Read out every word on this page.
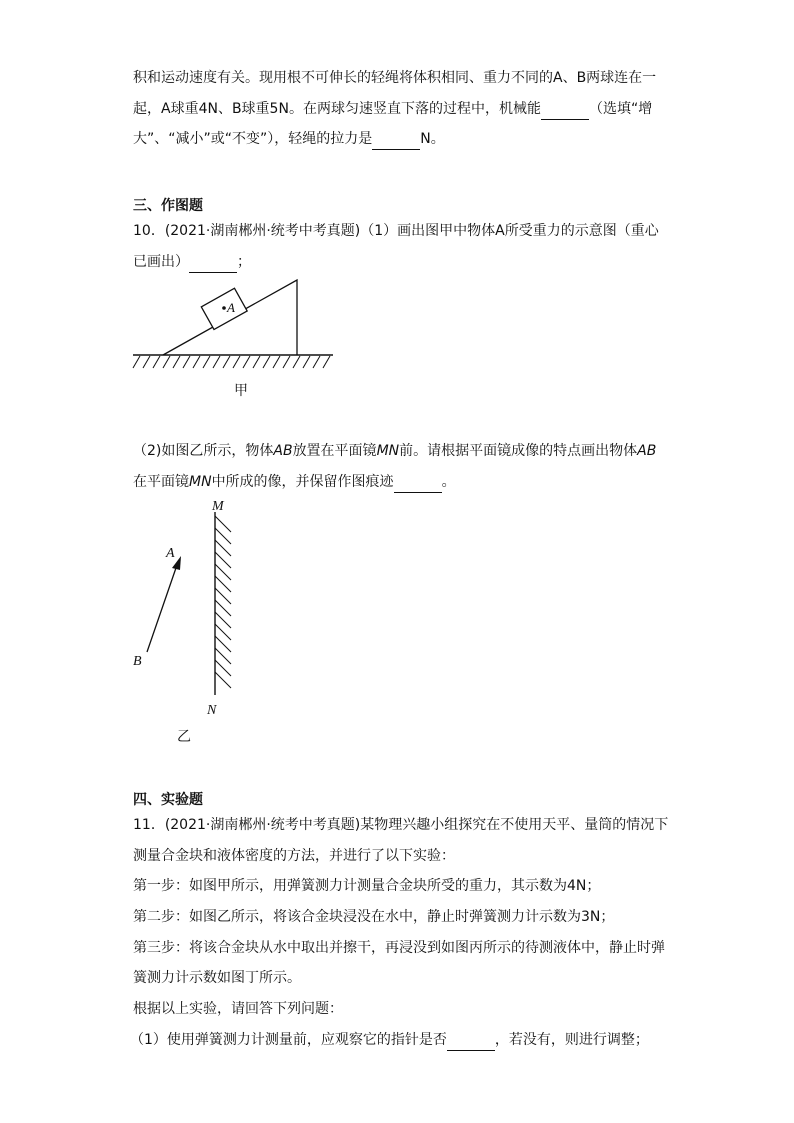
积和运动速度有关。现用根不可伸长的轻绳将体积相同、重力不同的A、B两球连在一
起，A球重4N、B球重5N。在两球匀速竖直下落的过程中，机械能	（选填“增
大”、“减小”或“不变”），轻绳的拉力是	N。
三、作图题
10．(2021·湖南郴州·统考中考真题)（1）画出图甲中物体A所受重力的示意图（重心
已画出）	；
A
甲
（2)如图乙所示，物体AB放置在平面镜MN前。请根据平面镜成像的特点画出物体AB
在平面镜MN中所成的像，并保留作图痕迹	。
M
N
A
B
乙
四、实验题
11．(2021·湖南郴州·统考中考真题)某物理兴趣小组探究在不使用天平、量筒的情况下
测量合金块和液体密度的方法，并进行了以下实验：
第一步：如图甲所示，用弹簧测力计测量合金块所受的重力，其示数为4N；
第二步：如图乙所示，将该合金块浸没在水中，静止时弹簧测力计示数为3N；
第三步：将该合金块从水中取出并擦干，再浸没到如图丙所示的待测液体中，静止时弹
簧测力计示数如图丁所示。
根据以上实验，请回答下列问题：
（1）使用弹簧测力计测量前，应观察它的指针是否	，若没有，则进行调整；
